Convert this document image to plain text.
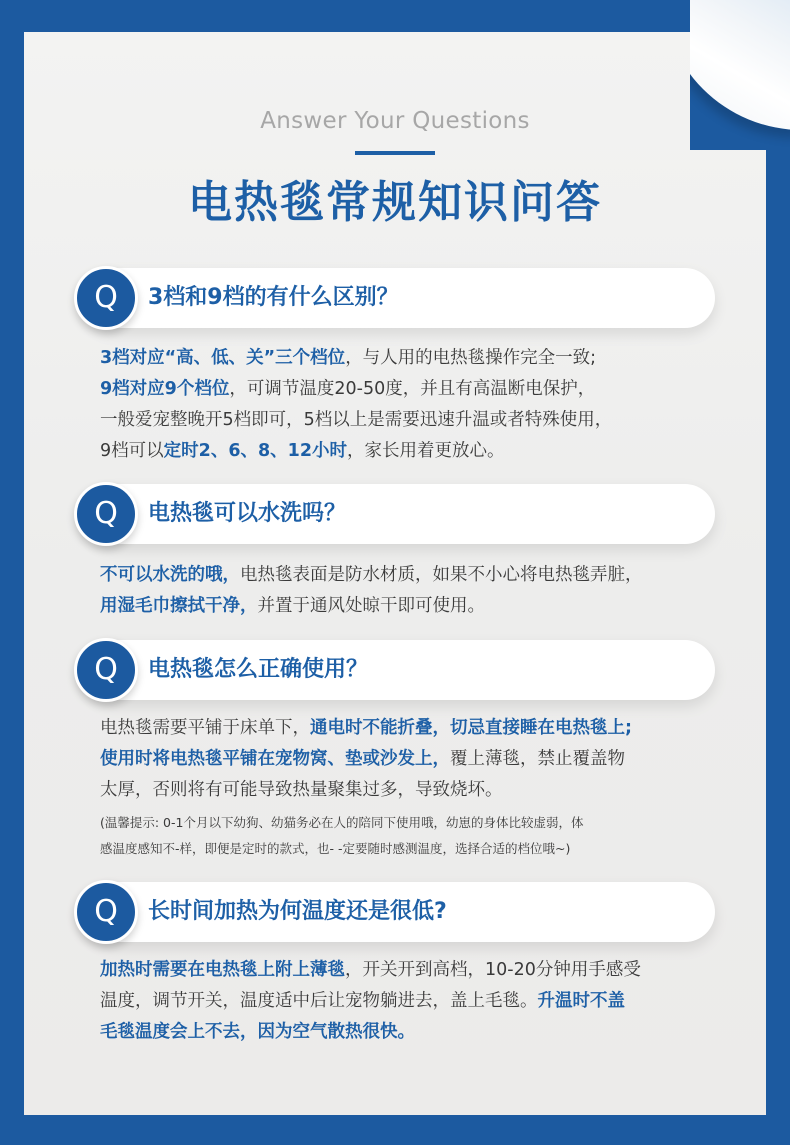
Answer Your Questions
电热毯常规知识问答
Q	3档和9档的有什么区别？
3档对应“高、低、关”三个档位，与人用的电热毯操作完全一致;
9档对应9个档位，可调节温度20-50度，并且有高温断电保护，
一般爱宠整晚开5档即可，5档以上是需要迅速升温或者特殊使用，
9档可以定时2、6、8、12小时，家长用着更放心。
Q	电热毯可以水洗吗？
不可以水洗的哦，电热毯表面是防水材质，如果不小心将电热毯弄脏，
用湿毛巾擦拭干净，并置于通风处晾干即可使用。
Q	电热毯怎么正确使用？
电热毯需要平铺于床单下，通电时不能折叠，切忌直接睡在电热毯上;
使用时将电热毯平铺在宠物窝、垫或沙发上，覆上薄毯，禁止覆盖物
太厚，否则将有可能导致热量聚集过多，导致烧坏。
(温馨提示: 0-1个月以下幼狗、幼猫务必在人的陪同下使用哦，幼崽的身体比较虚弱，体
感温度感知不-样，即便是定时的款式，也- -定要随时感测温度，选择合适的档位哦~)
Q	长时间加热为何温度还是很低?
加热时需要在电热毯上附上薄毯，开关开到高档，10-20分钟用手感受
温度，调节开关，温度适中后让宠物躺进去，盖上毛毯。升温时不盖
毛毯温度会上不去，因为空气散热很快。
